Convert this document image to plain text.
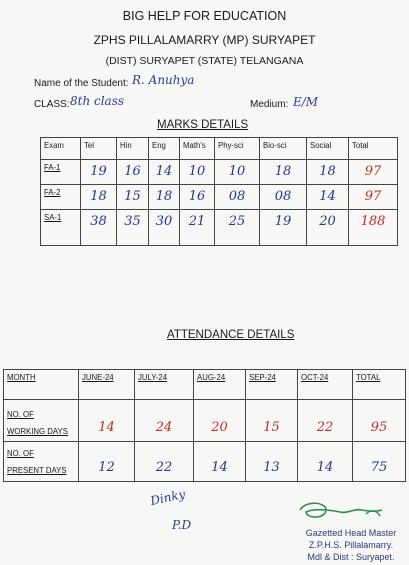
BIG HELP FOR EDUCATION
ZPHS PILLALAMARRY (MP) SURYAPET
(DIST) SURYAPET (STATE) TELANGANA
Name of the Student: R. Anuhya
CLASS: 8th class	Medium: E/M
MARKS DETAILS
Exam	Tel	Hin	Eng	Math's	Phy-sci	Bio-sci	Social	Total
FA-1	19	16	14	10	10	18	18	97
FA-2	18	15	18	16	08	08	14	97
SA-1	38	35	30	21	25	19	20	188
ATTENDANCE DETAILS
MONTH	JUNE-24	JULY-24	AUG-24	SEP-24	OCT-24	TOTAL

NO. OF
WORKING DAYS	14	24	20	15	22	95

NO. OF
PRESENT DAYS	12	22	14	13	14	75
Dinky
P.D
Gazetted Head Master
Z.P.H.S. Pillalamarry.
Mdl & Dist : Suryapet.
